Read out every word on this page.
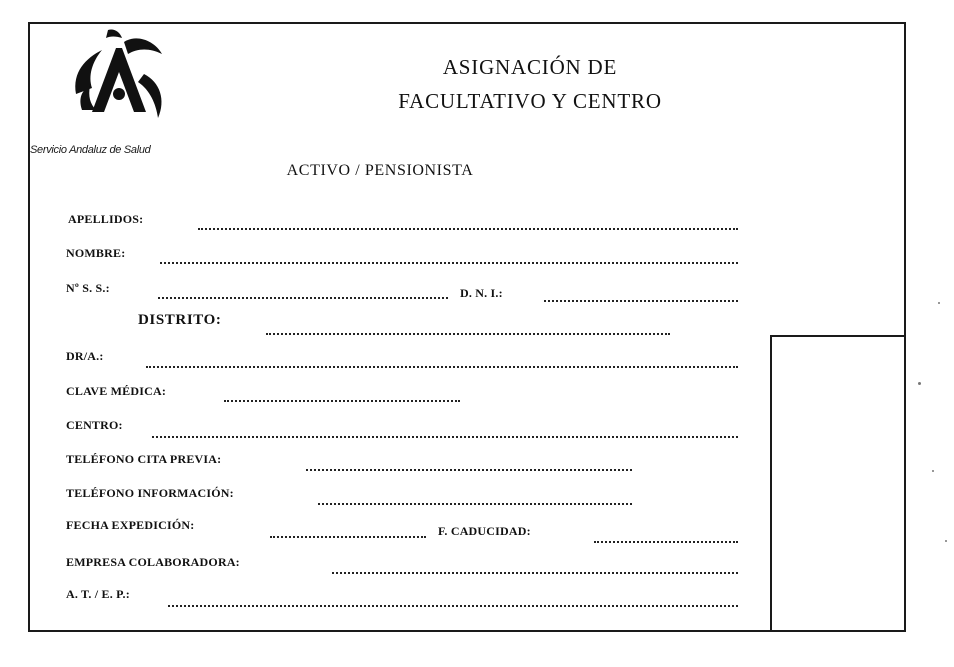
Servicio Andaluz de Salud
ASIGNACIÓN DE
FACULTATIVO Y CENTRO
ACTIVO / PENSIONISTA
APELLIDOS:
NOMBRE:
Nº S. S.:	D. N. I.:
DISTRITO:
DR/A.:
CLAVE MÉDICA:
CENTRO:
TELÉFONO CITA PREVIA:
TELÉFONO INFORMACIÓN:
FECHA EXPEDICIÓN:	F. CADUCIDAD:
EMPRESA COLABORADORA:
A. T. / E. P.:
